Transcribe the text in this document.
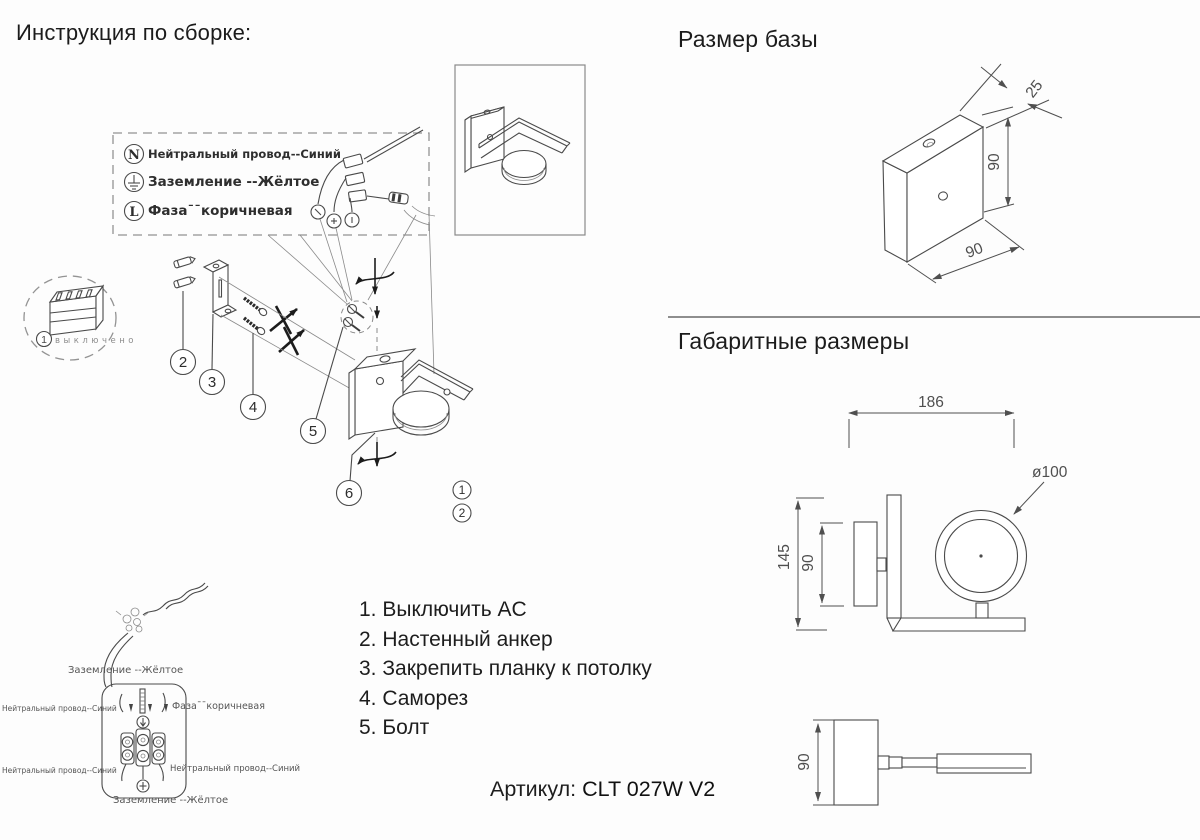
N
L
1 выключено
2
3
4
5
6	1
2
90
25
90
186
ø100
145 90
90
Инструкция по сборке:
Нейтральный провод--Синий
Заземление --Жёлтое
Фаза¯¯коричневая
1. Выключить AC
2. Настенный анкер
3. Закрепить планку к потолку
4. Саморез
5. Болт
Артикул: CLT 027W V2
Размер базы
Габаритные размеры
Заземление --Жёлтое
Нейтральный провод--Синий	Фаза¯¯коричневая
Нейтральный провод--Синий	Нейтральный провод--Синий
Заземление --Жёлтое
